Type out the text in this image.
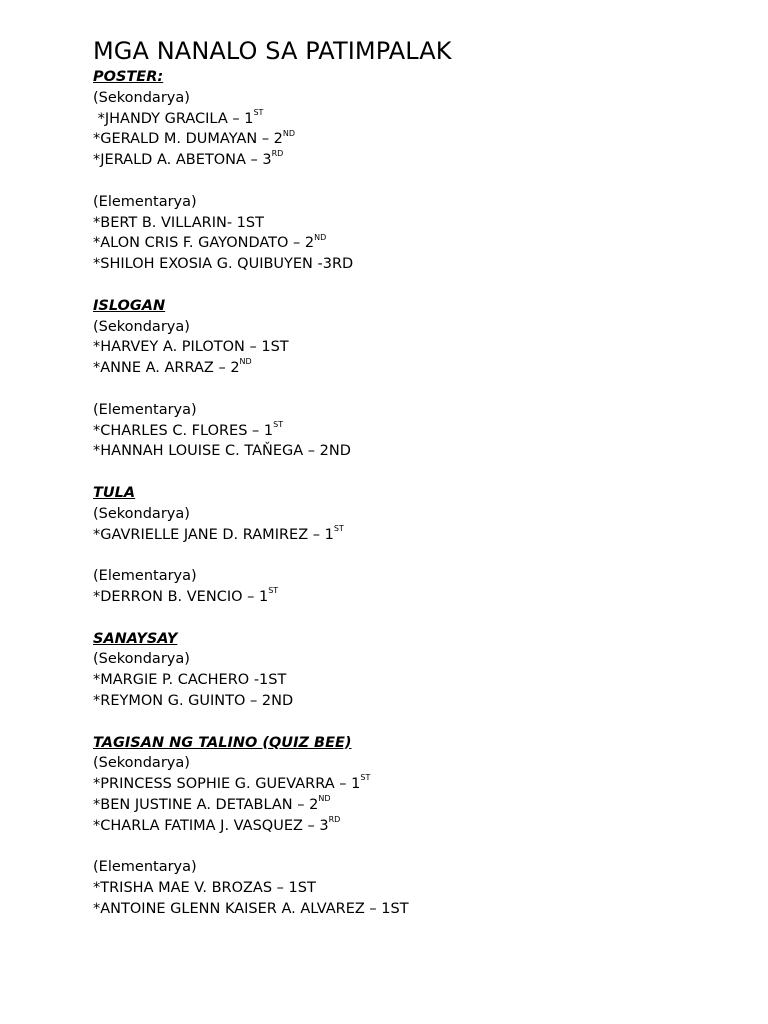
MGA NANALO SA PATIMPALAK
POSTER:
(Sekondarya)
*JHANDY GRACILA – 1ST
*GERALD M. DUMAYAN – 2ND
*JERALD A. ABETONA – 3RD
(Elementarya)
*BERT B. VILLARIN- 1ST
*ALON CRIS F. GAYONDATO – 2ND
*SHILOH EXOSIA G. QUIBUYEN -3RD
ISLOGAN
(Sekondarya)
*HARVEY A. PILOTON – 1ST
*ANNE A. ARRAZ – 2ND
(Elementarya)
*CHARLES C. FLORES – 1ST
*HANNAH LOUISE C. TAŇEGA – 2ND
TULA
(Sekondarya)
*GAVRIELLE JANE D. RAMIREZ – 1ST
(Elementarya)
*DERRON B. VENCIO – 1ST
SANAYSAY
(Sekondarya)
*MARGIE P. CACHERO -1ST
*REYMON G. GUINTO – 2ND
TAGISAN NG TALINO (QUIZ BEE)
(Sekondarya)
*PRINCESS SOPHIE G. GUEVARRA – 1ST
*BEN JUSTINE A. DETABLAN – 2ND
*CHARLA FATIMA J. VASQUEZ – 3RD
(Elementarya)
*TRISHA MAE V. BROZAS – 1ST
*ANTOINE GLENN KAISER A. ALVAREZ – 1ST
